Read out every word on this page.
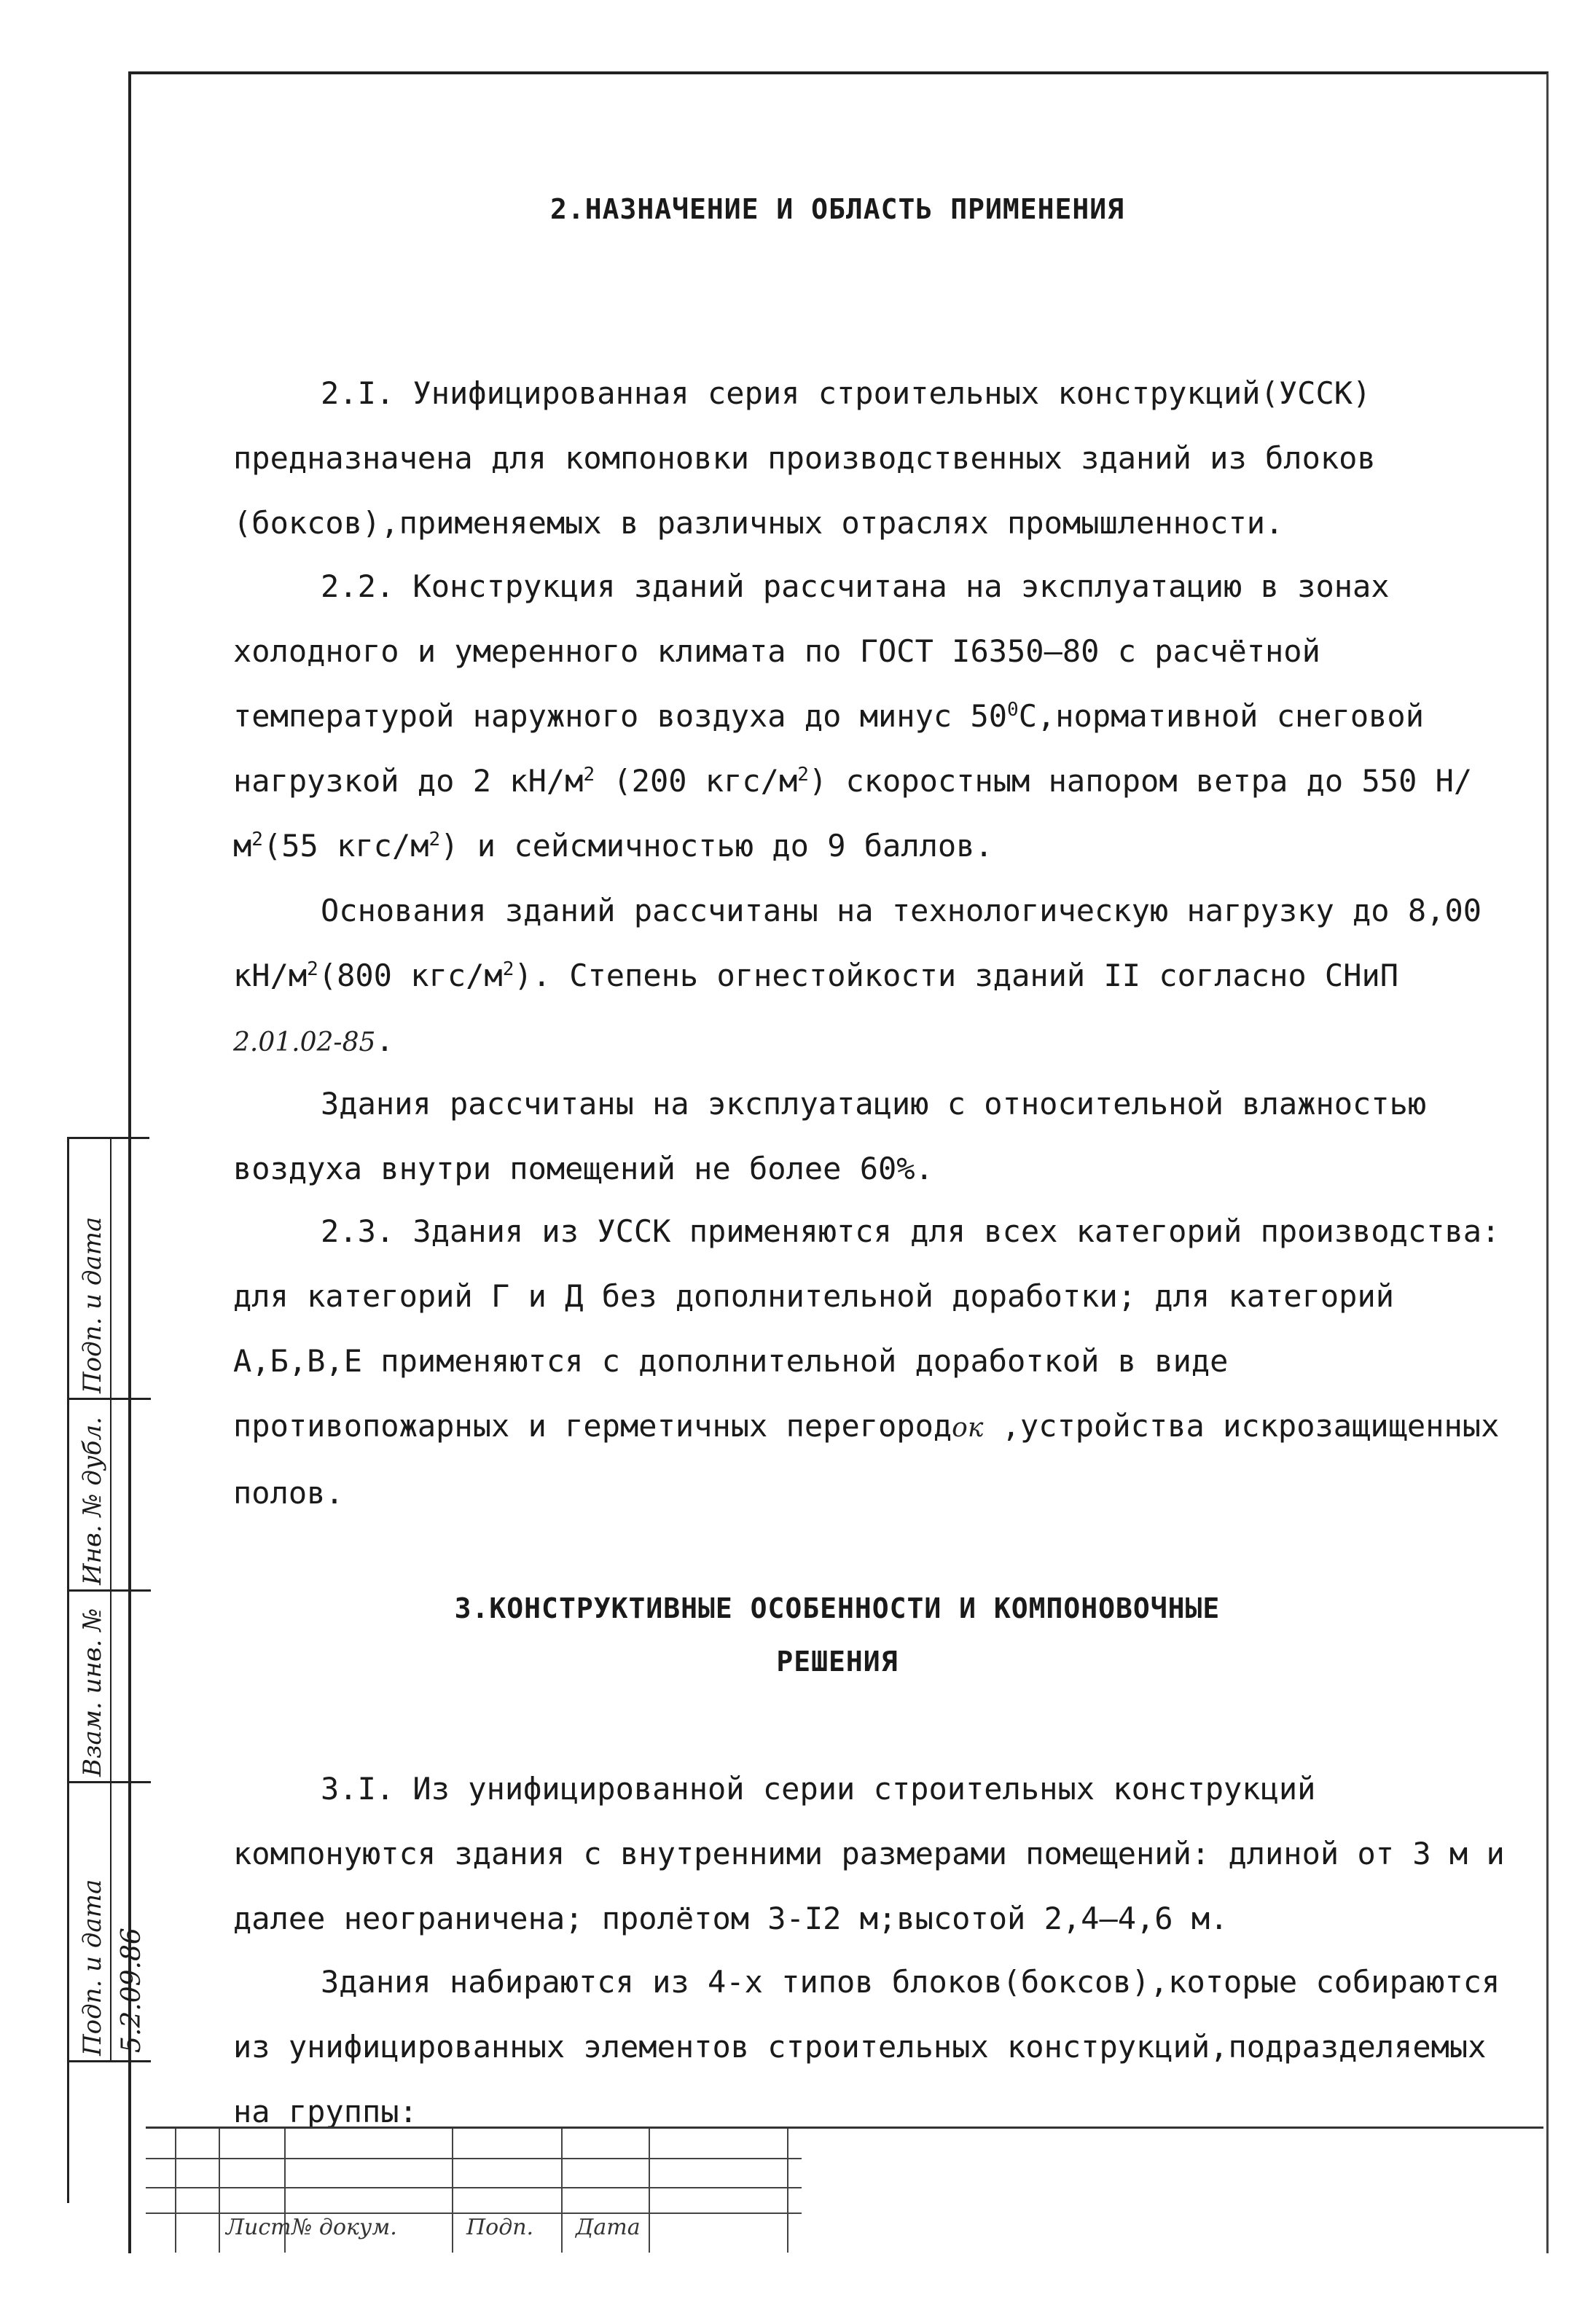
2.НАЗНАЧЕНИЕ И ОБЛАСТЬ ПРИМЕНЕНИЯ

2.I. Унифицированная серия строительных конструкций(УССК) предназначена для компоновки производственных зданий из блоков (боксов),применяемых в различных отраслях промышленности.

2.2. Конструкция зданий рассчитана на эксплуатацию в зонах холодного и умеренного климата по ГОСТ I6350–80 с расчётной температурой наружного воздуха до минус $50^0С,нормативной$ снеговой нагрузкой до 2 $кН/м^2$ (200 кгс/$м^2$) скоростным напором ветра до 550 $Н/м^2(55$ кгс/$м^2$) и сейсмичностью до 9 баллов.

Основания зданий рассчитаны на технологическую нагрузку до 8,00 $кН/м^2(800$ кгс/$м^2$). Степень огнестойкости зданий II согласно СНиП 2.01.02-85.

Здания рассчитаны на эксплуатацию с относительной влажностью воздуха внутри помещений не более 60%.

2.3. Здания из УССК применяются для всех категорий производства: для категорий Г и Д без дополнительной доработки; для категорий А,Б,В,Е применяются с дополнительной доработкой в виде противопожарных и герметичных перегородок ,устройства искрозащищенных полов.

3.КОНСТРУКТИВНЫЕ ОСОБЕННОСТИ И КОМПОНОВОЧНЫЕ
РЕШЕНИЯ

3.I. Из унифицированной серии строительных конструкций компонуются здания с внутренними размерами помещений: длиной от 3 м и далее неограничена; пролётом 3-I2 м;высотой 2,4–4,6 м.

Здания набираются из 4-х типов блоков(боксов),которые собираются из унифицированных элементов строительных конструкций,подразделяемых на группы:

Подп. и дата
Инв. № дубл.
Взам. инв. №
Подп. и дата 5.2.09.86
Лист № докум.	Подп. Дата
